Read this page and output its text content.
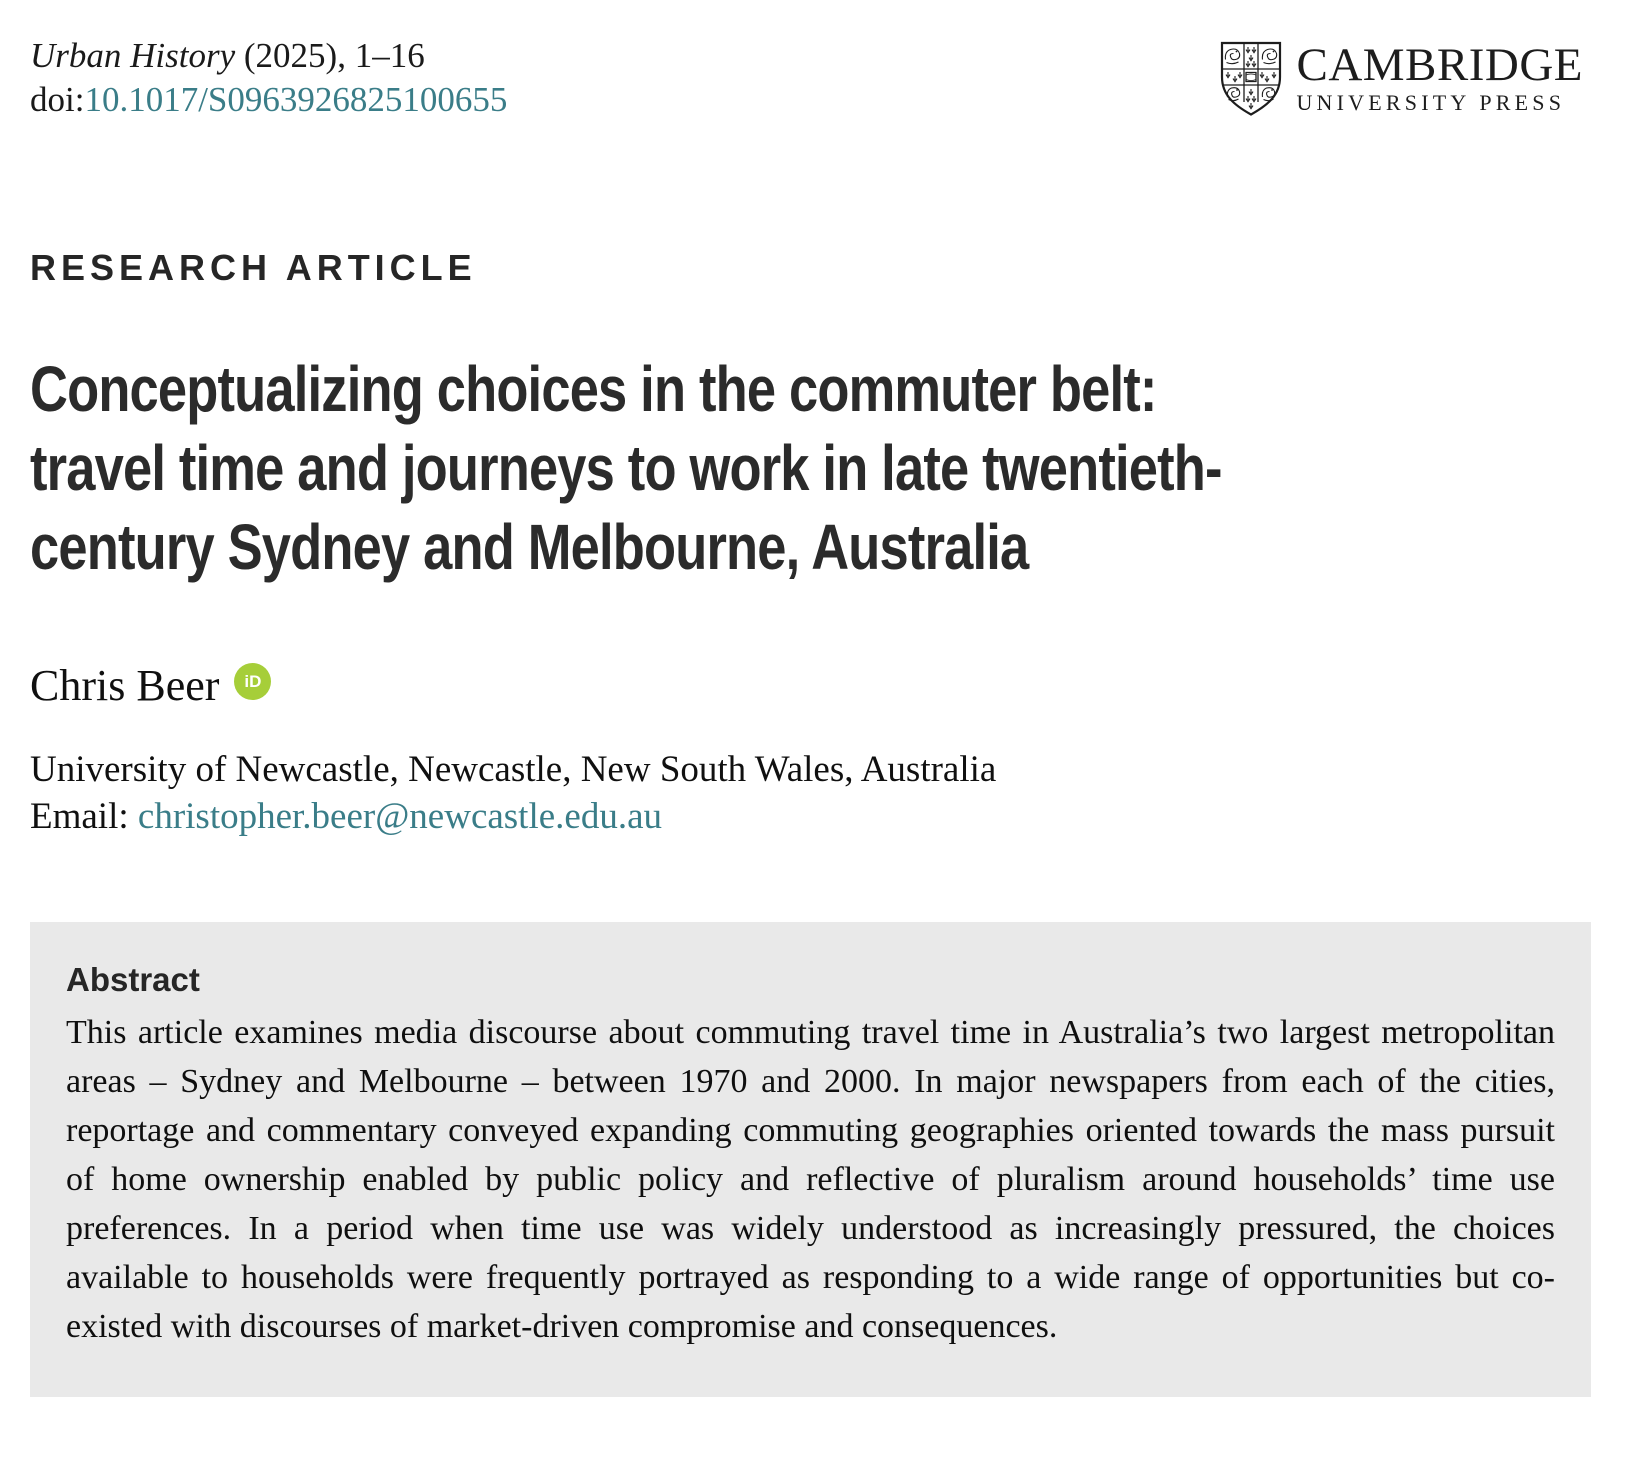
Urban History (2025), 1–16
doi:10.1017/S0963926825100655
CAMBRIDGE
UNIVERSITY PRESS
RESEARCH ARTICLE
Conceptualizing choices in the commuter belt:
travel time and journeys to work in late twentieth-
century Sydney and Melbourne, Australia
Chris Beer	iD
University of Newcastle, Newcastle, New South Wales, Australia
Email: christopher.beer@newcastle.edu.au
Abstract

This article examines media discourse about commuting travel time in Australia’s two largest metropolitan areas – Sydney and Melbourne – between 1970 and 2000. In major newspapers from each of the cities, reportage and commentary conveyed expanding commuting geographies oriented towards the mass pursuit of home ownership enabled by public policy and reflective of pluralism around households’ time use preferences. In a period when time use was widely understood as increasingly pressured, the choices available to households were frequently portrayed as responding to a wide range of opportunities but co-existed with discourses of market-driven compromise and consequences.
